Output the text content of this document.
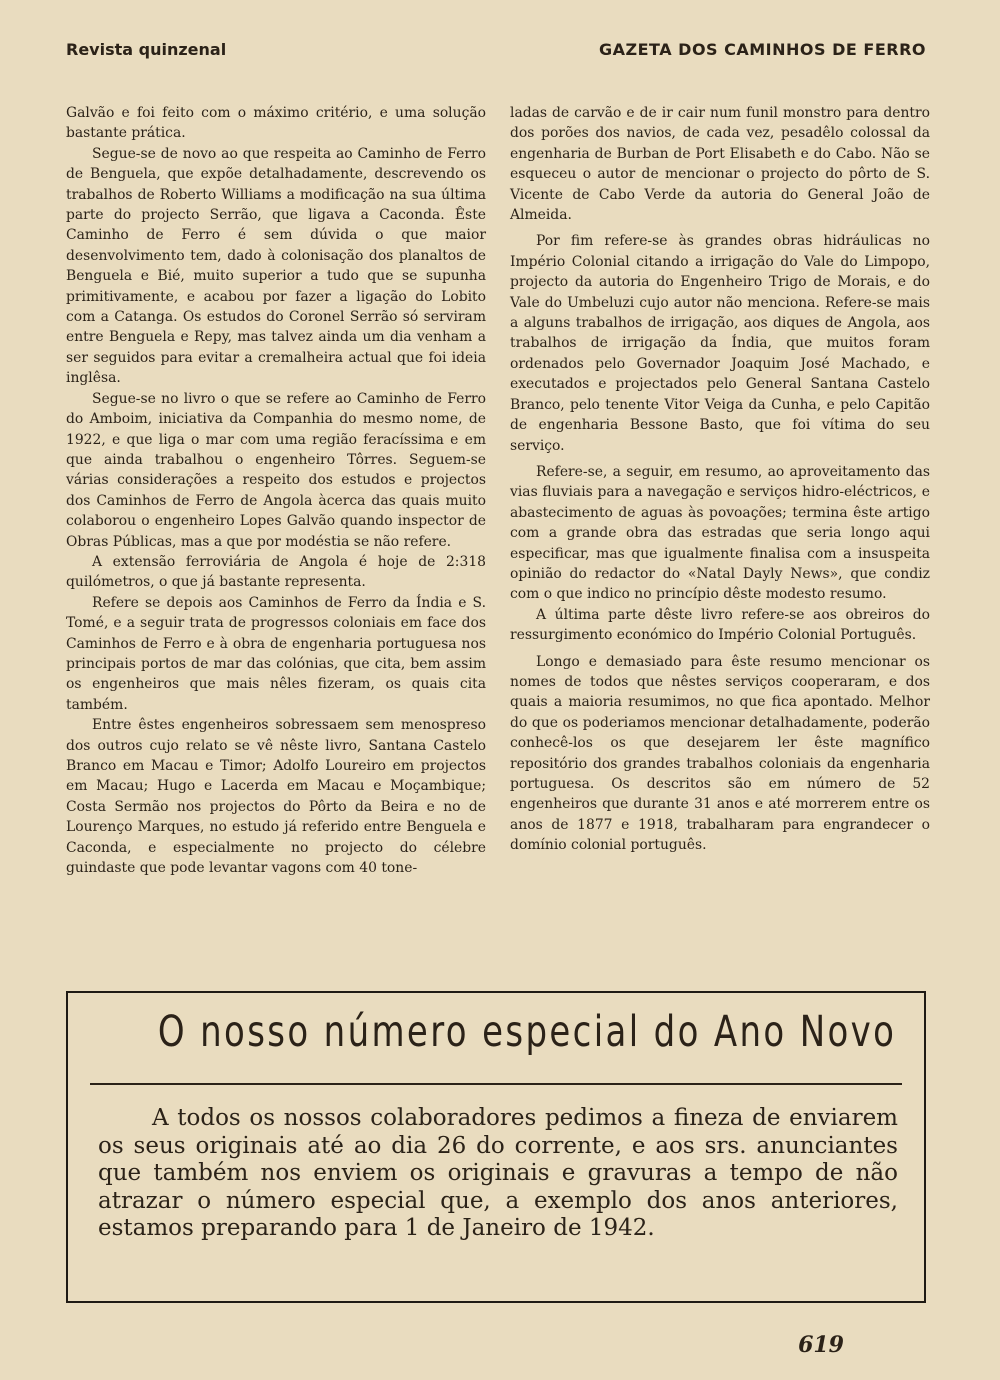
Revista quinzenal	GAZETA DOS CAMINHOS DE FERRO

Galvão e foi feito com o máximo critério, e uma solução bastante prática.

Segue-se de novo ao que respeita ao Caminho de Ferro de Benguela, que expõe detalhadamente, descrevendo os trabalhos de Roberto Williams a modificação na sua última parte do projecto Serrão, que ligava a Caconda. Êste Caminho de Ferro é sem dúvida o que maior desenvolvimento tem, dado à colonisação dos planaltos de Benguela e Bié, muito superior a tudo que se supunha primitivamente, e acabou por fazer a ligação do Lobito com a Catanga. Os estudos do Coronel Serrão só serviram entre Benguela e Repy, mas talvez ainda um dia venham a ser seguidos para evitar a cremalheira actual que foi ideia inglêsa.

Segue-se no livro o que se refere ao Caminho de Ferro do Amboim, iniciativa da Companhia do mesmo nome, de 1922, e que liga o mar com uma região feracíssima e em que ainda trabalhou o engenheiro Tôrres. Seguem-se várias considerações a respeito dos estudos e projectos dos Caminhos de Ferro de Angola àcerca das quais muito colaborou o engenheiro Lopes Galvão quando inspector de Obras Públicas, mas a que por modéstia se não refere.

A extensão ferroviária de Angola é hoje de 2:318 quilómetros, o que já bastante representa.

Refere se depois aos Caminhos de Ferro da Índia e S. Tomé, e a seguir trata de progressos coloniais em face dos Caminhos de Ferro e à obra de engenharia portuguesa nos principais portos de mar das colónias, que cita, bem assim os engenheiros que mais nêles fizeram, os quais cita também.

Entre êstes engenheiros sobressaem sem menospreso dos outros cujo relato se vê nêste livro, Santana Castelo Branco em Macau e Timor; Adolfo Loureiro em projectos em Macau; Hugo e Lacerda em Macau e Moçambique; Costa Sermão nos projectos do Pôrto da Beira e no de Lourenço Marques, no estudo já referido entre Benguela e Caconda, e especialmente no projecto do célebre guindaste que pode levantar vagons com 40 tone-

ladas de carvão e de ir cair num funil monstro para dentro dos porões dos navios, de cada vez, pesadêlo colossal da engenharia de Burban de Port Elisabeth e do Cabo. Não se esqueceu o autor de mencionar o projecto do pôrto de S. Vicente de Cabo Verde da autoria do General João de Almeida.

Por fim refere-se às grandes obras hidráulicas no Império Colonial citando a irrigação do Vale do Limpopo, projecto da autoria do Engenheiro Trigo de Morais, e do Vale do Umbeluzi cujo autor não menciona. Refere-se mais a alguns trabalhos de irrigação, aos diques de Angola, aos trabalhos de irrigação da Índia, que muitos foram ordenados pelo Governador Joaquim José Machado, e executados e projectados pelo General Santana Castelo Branco, pelo tenente Vitor Veiga da Cunha, e pelo Capitão de engenharia Bessone Basto, que foi vítima do seu serviço.

Refere-se, a seguir, em resumo, ao aproveitamento das vias fluviais para a navegação e serviços hidro-eléctricos, e abastecimento de aguas às povoações; termina êste artigo com a grande obra das estradas que seria longo aqui especificar, mas que igualmente finalisa com a insuspeita opinião do redactor do «Natal Dayly News», que condiz com o que indico no princípio dêste modesto resumo.

A última parte dêste livro refere-se aos obreiros do ressurgimento económico do Império Colonial Português.

Longo e demasiado para êste resumo mencionar os nomes de todos que nêstes serviços cooperaram, e dos quais a maioria resumimos, no que fica apontado. Melhor do que os poderiamos mencionar detalhadamente, poderão conhecê-los os que desejarem ler êste magnífico repositório dos grandes trabalhos coloniais da engenharia portuguesa. Os descritos são em número de 52 engenheiros que durante 31 anos e até morrerem entre os anos de 1877 e 1918, trabalharam para engrandecer o domínio colonial português.

O nosso número especial do Ano Novo

A todos os nossos colaboradores pedimos a fineza de enviarem os seus originais até ao dia 26 do corrente, e aos srs. anunciantes que também nos enviem os originais e gravuras a tempo de não atrazar o número especial que, a exemplo dos anos anteriores, estamos preparando para 1 de Janeiro de 1942.

619
